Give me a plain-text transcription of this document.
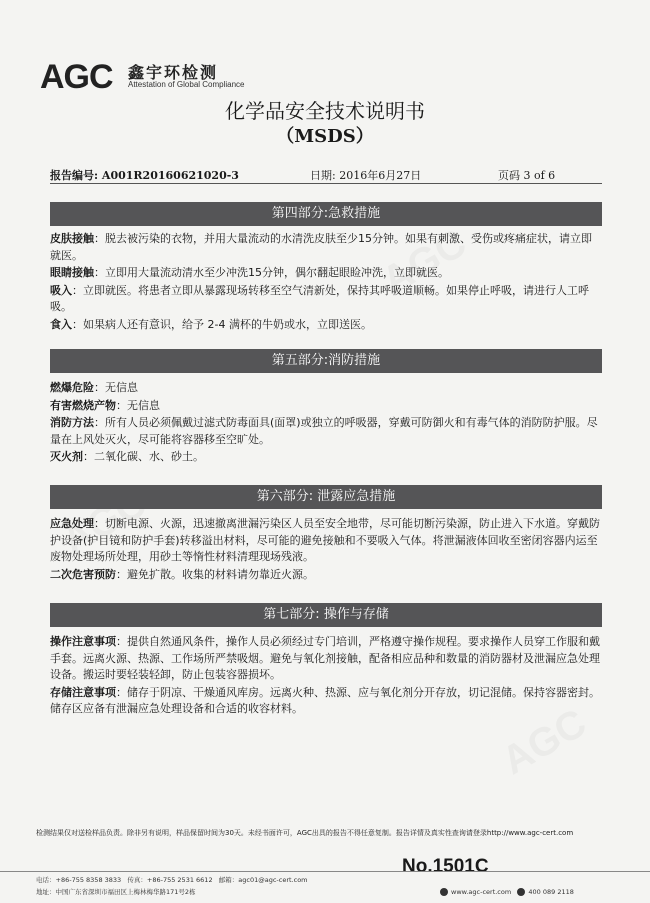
AGC 鑫宇环检测
Attestation of Global Compliance
化学品安全技术说明书
（MSDS）
报告编号: A001R20160621020-3	日期: 2016年6月27日	页码 3 of 6
第四部分:急救措施

皮肤接触：脱去被污染的衣物，并用大量流动的水清洗皮肤至少15分钟。如果有刺激、受伤或疼痛症状，请立即就医。

眼睛接触：立即用大量流动清水至少冲洗15分钟，偶尔翻起眼睑冲洗，立即就医。

吸入：立即就医。将患者立即从暴露现场转移至空气清新处，保持其呼吸道顺畅。如果停止呼吸，请进行人工呼吸。

食入：如果病人还有意识，给予 2-4 满杯的牛奶或水，立即送医。

第五部分:消防措施

燃爆危险：无信息

有害燃烧产物：无信息

消防方法：所有人员必须佩戴过滤式防毒面具(面罩)或独立的呼吸器，穿戴可防御火和有毒气体的消防防护服。尽量在上风处灭火，尽可能将容器移至空旷处。

灭火剂：二氧化碳、水、砂土。

第六部分: 泄露应急措施

应急处理：切断电源、火源，迅速撤离泄漏污染区人员至安全地带，尽可能切断污染源，防止进入下水道。穿戴防护设备(护目镜和防护手套)转移溢出材料，尽可能的避免接触和不要吸入气体。将泄漏液体回收至密闭容器内运至废物处理场所处理，用砂土等惰性材料清理现场残液。

二次危害预防：避免扩散。收集的材料请勿靠近火源。

第七部分: 操作与存储

操作注意事项：提供自然通风条件，操作人员必须经过专门培训，严格遵守操作规程。要求操作人员穿工作服和戴手套。远离火源、热源、工作场所严禁吸烟。避免与氧化剂接触，配备相应品种和数量的消防器材及泄漏应急处理设备。搬运时要轻装轻卸，防止包装容器损坏。

存储注意事项：储存于阴凉、干燥通风库房。远离火种、热源、应与氧化剂分开存放，切记混储。保持容器密封。储存区应备有泄漏应急处理设备和合适的收容材料。

检测结果仅对送检样品负责。除非另有说明，样品保留时间为30天。未经书面许可，AGC出具的报告不得任意复制。报告详情及真实性查询请登录http://www.agc-cert.com
No.1501C
电话：+86-755 8358 3833 传真：+86-755 2531 6612 邮箱：agc01@agc-cert.com
地址：中国广东省深圳市福田区上梅林梅华路171号2栋	www.agc-cert.com	400 089 2118
